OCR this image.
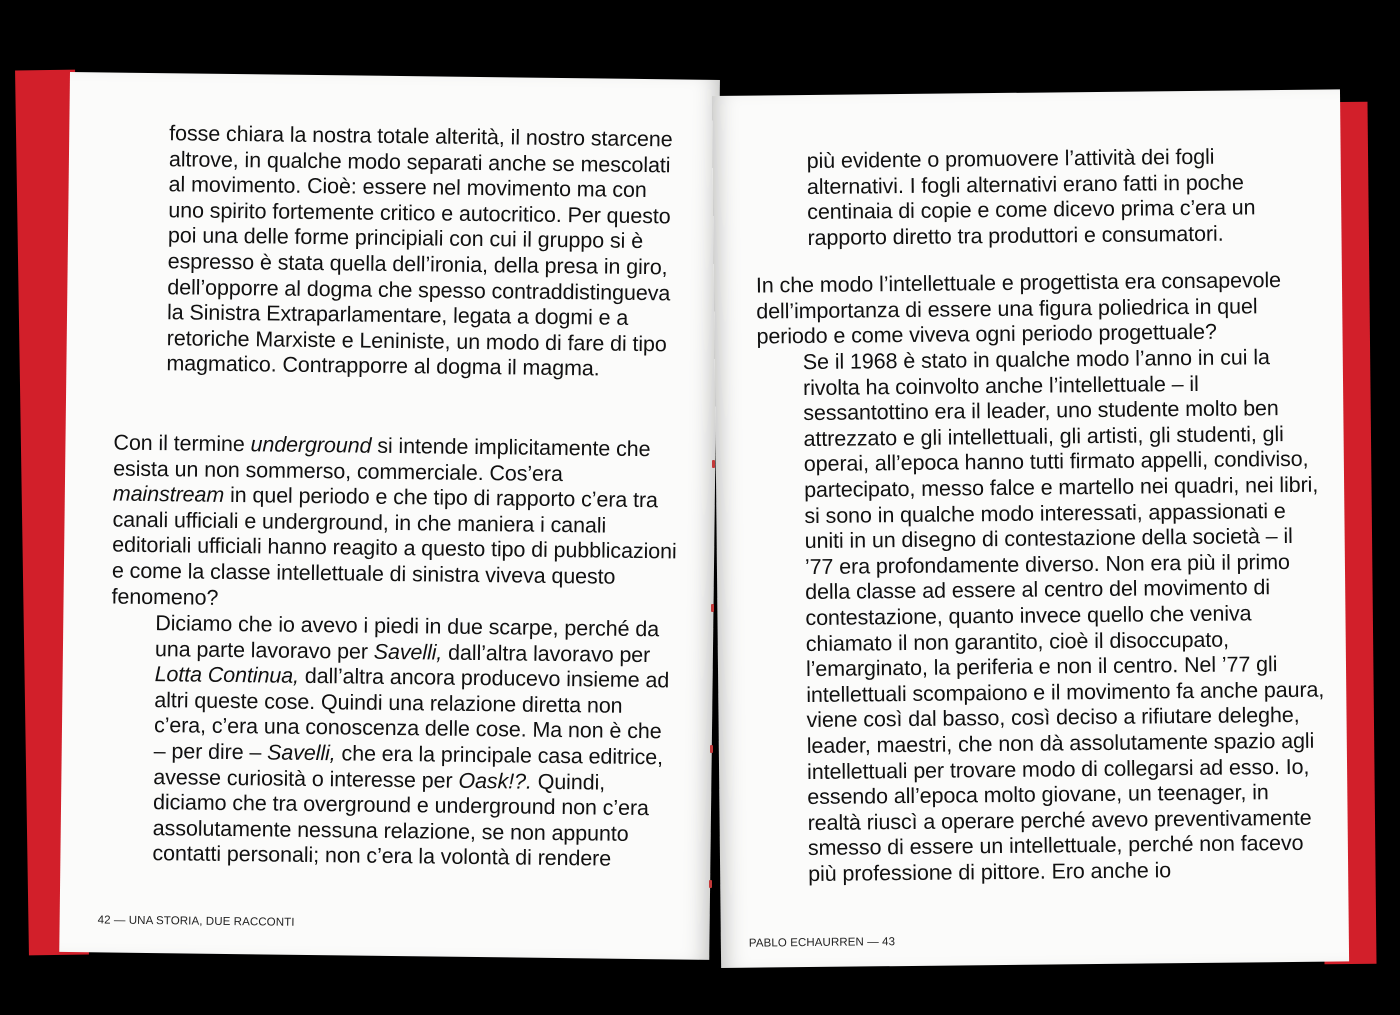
fosse chiara la nostra totale alterità, il nostro starcene altrove, in qualche modo separati anche se mescolati al movimento. Cioè: essere nel movimento ma con uno spirito fortemente critico e autocritico. Per questo poi una delle forme principiali con cui il gruppo si è espresso è stata quella dell’ironia, della presa in giro, dell’opporre al dogma che spesso contraddistingueva la Sinistra Extraparlamentare, legata a dogmi e a retoriche Marxiste e Leniniste, un modo di fare di tipo magmatico. Contrapporre al dogma il magma.

Con il termine underground si intende implicitamente che esista un non sommerso, commerciale. Cos’era mainstream in quel periodo e che tipo di rapporto c’era tra canali ufficiali e underground, in che maniera i canali editoriali ufficiali hanno reagito a questo tipo di pubblicazioni e come la classe intellettuale di sinistra viveva questo fenomeno?

Diciamo che io avevo i piedi in due scarpe, perché da una parte lavoravo per Savelli, dall’altra lavoravo per Lotta Continua, dall’altra ancora producevo insieme ad altri queste cose. Quindi una relazione diretta non c’era, c’era una conoscenza delle cose. Ma non è che – per dire – Savelli, che era la principale casa editrice, avesse curiosità o interesse per Oask!?. Quindi, diciamo che tra overground e underground non c’era assolutamente nessuna relazione, se non appunto contatti personali; non c’era la volontà di rendere

42 — UNA STORIA, DUE RACCONTI

più evidente o promuovere l’attività dei fogli alternativi. I fogli alternativi erano fatti in poche centinaia di copie e come dicevo prima c’era un rapporto diretto tra produttori e consumatori.

In che modo l’intellettuale e progettista era consapevole dell’importanza di essere una figura poliedrica in quel periodo e come viveva ogni periodo progettuale?

Se il 1968 è stato in qualche modo l’anno in cui la rivolta ha coinvolto anche l’intellettuale – il sessantottino era il leader, uno studente molto ben attrezzato e gli intellettuali, gli artisti, gli studenti, gli operai, all’epoca hanno tutti firmato appelli, condiviso, partecipato, messo falce e martello nei quadri, nei libri, si sono in qualche modo interessati, appassionati e uniti in un disegno di contestazione della società – il ’77 era profondamente diverso. Non era più il primo della classe ad essere al centro del movimento di contestazione, quanto invece quello che veniva chiamato il non garantito, cioè il disoccupato, l’emarginato, la periferia e non il centro. Nel ’77 gli intellettuali scompaiono e il movimento fa anche paura, viene così dal basso, così deciso a rifiutare deleghe, leader, maestri, che non dà assolutamente spazio agli intellettuali per trovare modo di collegarsi ad esso. Io, essendo all’epoca molto giovane, un teenager, in realtà riuscì a operare perché avevo preventivamente smesso di essere un intellettuale, perché non facevo più professione di pittore. Ero anche io

PABLO ECHAURREN — 43
